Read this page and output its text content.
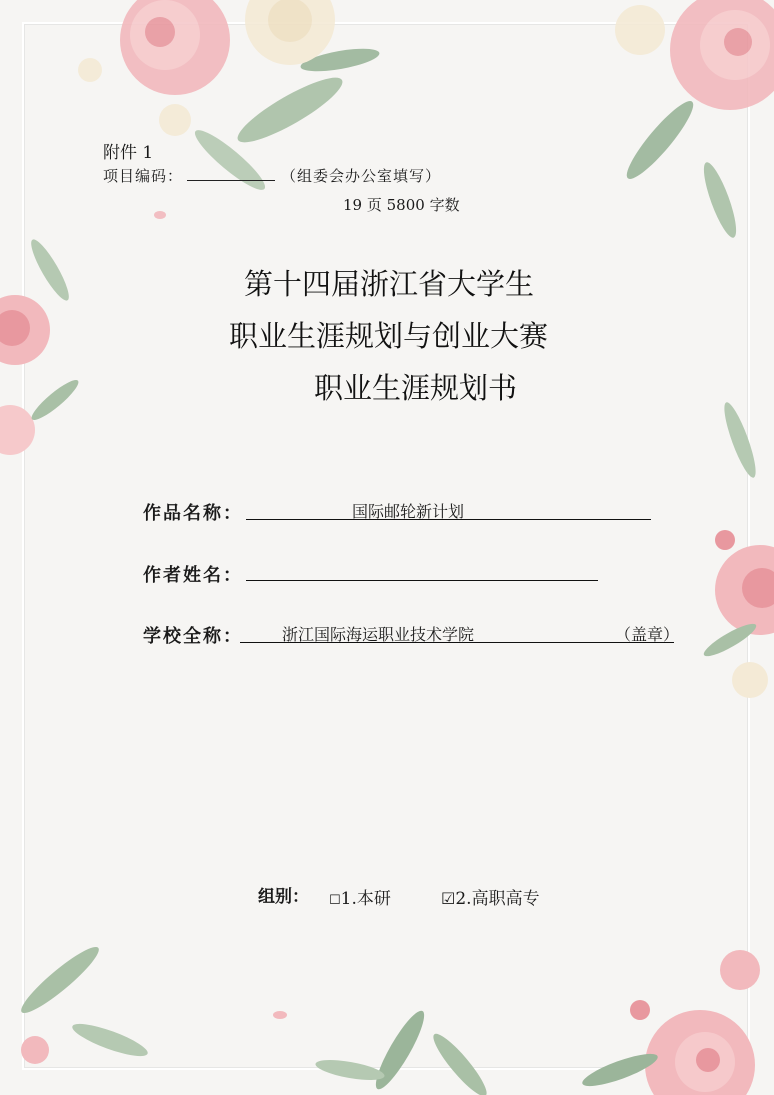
附件 1
项目编码：	（组委会办公室填写）
19 页 5800 字数
第十四届浙江省大学生
职业生涯规划与创业大赛
职业生涯规划书
作品名称：	国际邮轮新计划
作者姓名：
学校全称： 浙江国际海运职业技术学院	（盖章）
组别： ☐1.本研	☑2.高职高专
